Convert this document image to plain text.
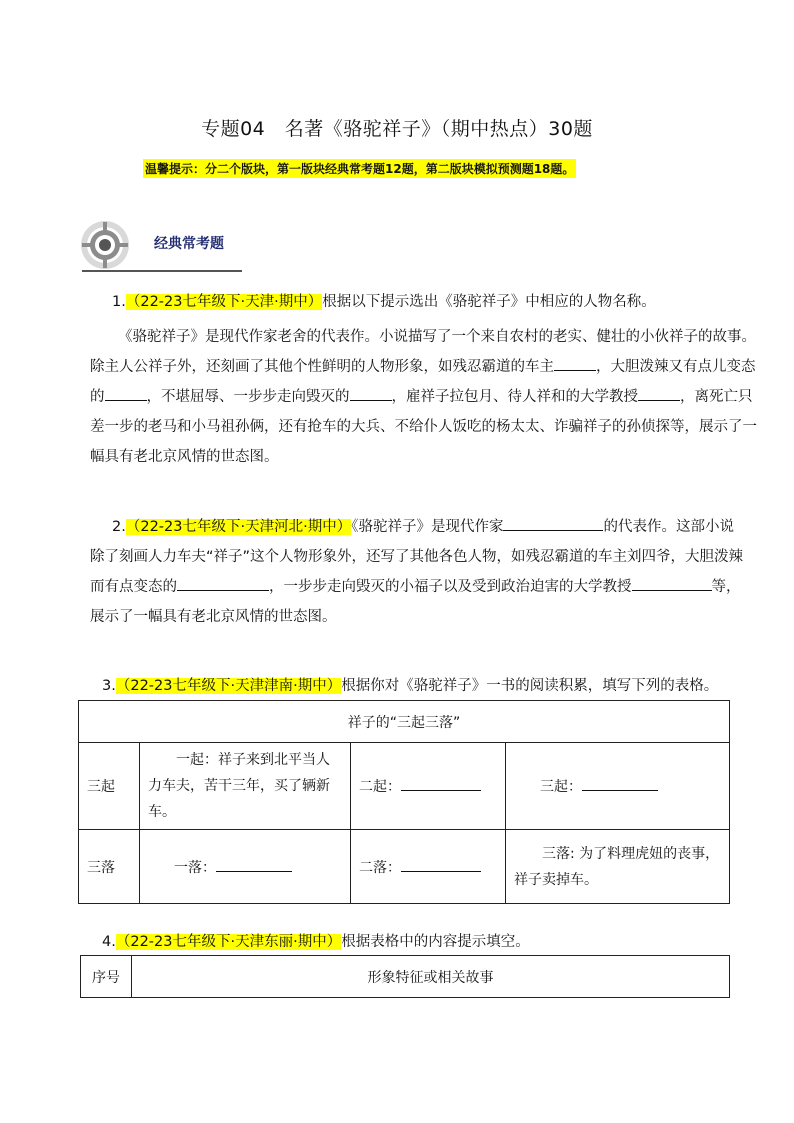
专题04　名著《骆驼祥子》（期中热点）30题
温馨提示：分二个版块，第一版块经典常考题12题，第二版块模拟预测题18题。
经典常考题
1.（22-23七年级下·天津·期中）根据以下提示选出《骆驼祥子》中相应的人物名称。
《骆驼祥子》是现代作家老舍的代表作。小说描写了一个来自农村的老实、健壮的小伙祥子的故事。
除主人公祥子外，还刻画了其他个性鲜明的人物形象，如残忍霸道的车主	，大胆泼辣又有点儿变态
的	，不堪屈辱、一步步走向毁灭的	，雇祥子拉包月、待人祥和的大学教授	，离死亡只
差一步的老马和小马祖孙俩，还有抢车的大兵、不给仆人饭吃的杨太太、诈骗祥子的孙侦探等，展示了一
幅具有老北京风情的世态图。
2.（22-23七年级下·天津河北·期中）《骆驼祥子》是现代作家	的代表作。这部小说
除了刻画人力车夫“祥子”这个人物形象外，还写了其他各色人物，如残忍霸道的车主刘四爷，大胆泼辣
而有点变态的	，一步步走向毁灭的小福子以及受到政治迫害的大学教授	等，
展示了一幅具有老北京风情的世态图。
3.（22-23七年级下·天津津南·期中）根据你对《骆驼祥子》一书的阅读积累，填写下列的表格。
祥子的“三起三落”			
三起	一起：祥子来到北平当人力车夫，苦干三年，买了辆新车。	二起：	三起：
三落	一落：	二落：	三落: 为了料理虎妞的丧事，祥子卖掉车。
4.（22-23七年级下·天津东丽·期中）根据表格中的内容提示填空。
序号	形象特征或相关故事
